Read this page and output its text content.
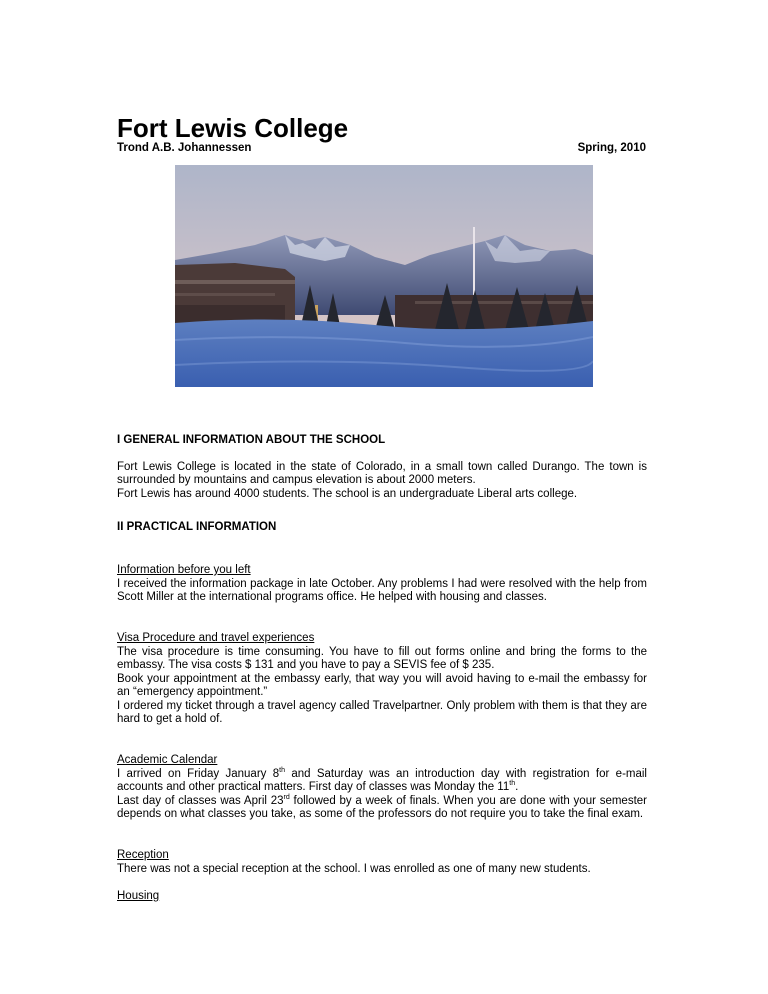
Fort Lewis College
Trond A.B. Johannessen	Spring, 2010

I GENERAL INFORMATION ABOUT THE SCHOOL

Fort Lewis College is located in the state of Colorado, in a small town called Durango. The town is surrounded by mountains and campus elevation is about 2000 meters.

Fort Lewis has around 4000 students. The school is an undergraduate Liberal arts college.

II PRACTICAL INFORMATION

Information before you left

I received the information package in late October. Any problems I had were resolved with the help from Scott Miller at the international programs office. He helped with housing and classes.

Visa Procedure and travel experiences

The visa procedure is time consuming. You have to fill out forms online and bring the forms to the embassy. The visa costs $ 131 and you have to pay a SEVIS fee of $ 235.

Book your appointment at the embassy early, that way you will avoid having to e-mail the embassy for an “emergency appointment.”

I ordered my ticket through a travel agency called Travelpartner. Only problem with them is that they are hard to get a hold of.

Academic Calendar

I arrived on Friday January 8th and Saturday was an introduction day with registration for e-mail accounts and other practical matters. First day of classes was Monday the 11th.

Last day of classes was April 23rd followed by a week of finals. When you are done with your semester depends on what classes you take, as some of the professors do not require you to take the final exam.

Reception

There was not a special reception at the school. I was enrolled as one of many new students.

Housing
